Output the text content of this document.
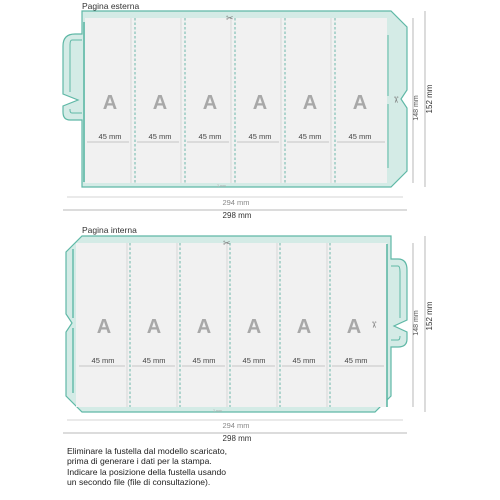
✂
✂
Pagina esterna
A A A A A A
45 mm	45 mm	45 mm	45 mm	45 mm	45 mm
2 mm
148 mm 152 mm
294 mm
298 mm
✂
✂
Pagina interna
A A A A A A
45 mm	45 mm	45 mm	45 mm	45 mm	45 mm
2 mm
148 mm 152 mm
294 mm
298 mm
Eliminare la fustella dal modello scaricato,
prima di generare i dati per la stampa.
Indicare la posizione della fustella usando
un secondo file (file di consultazione).
